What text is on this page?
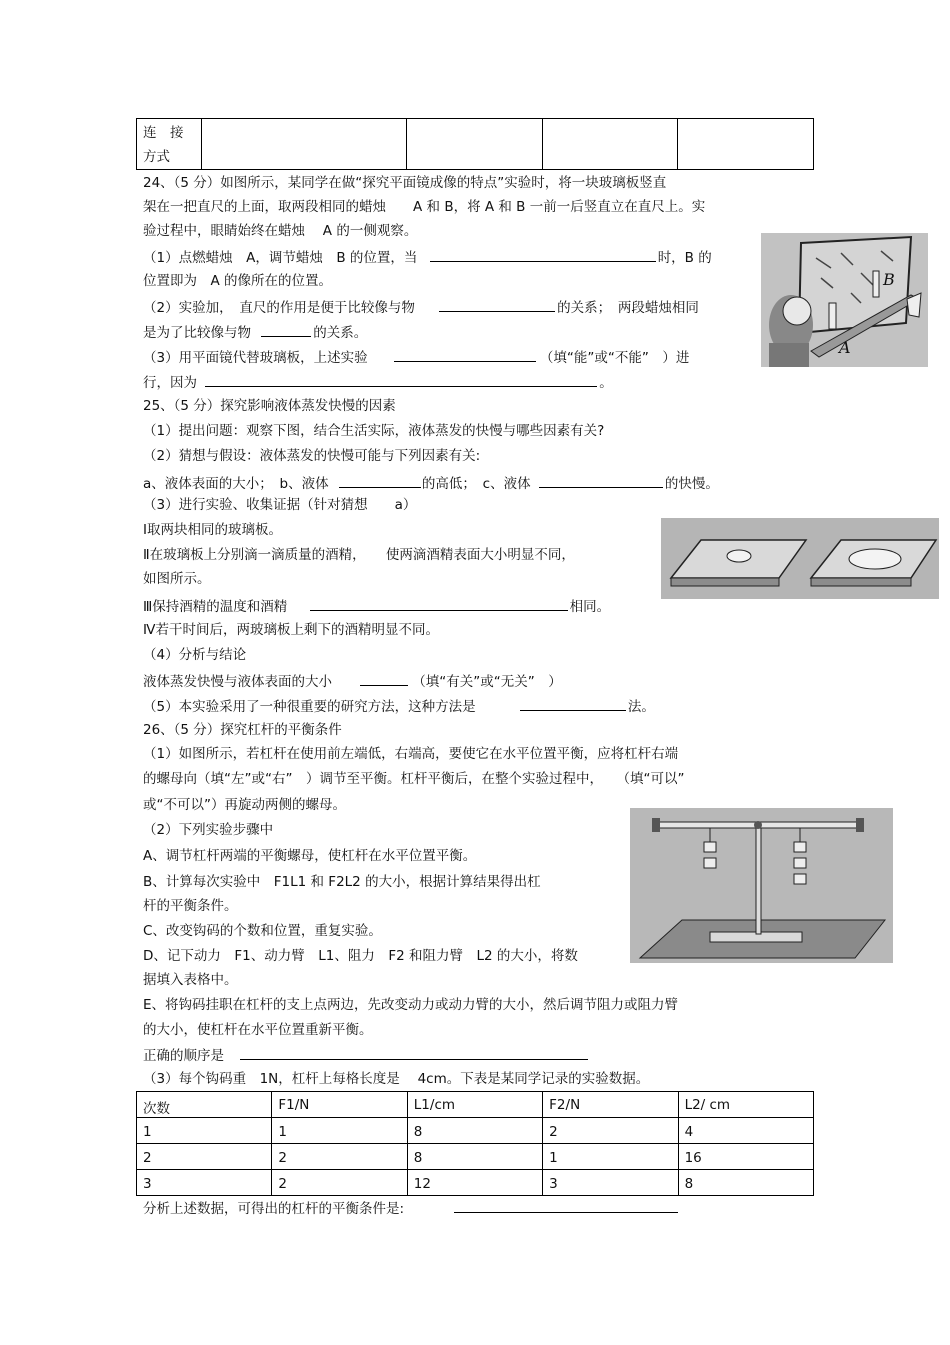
连　接
方式				
24、（5 分）如图所示，某同学在做“探究平面镜成像的特点”实验时，将一块玻璃板竖直
架在一把直尺的上面，取两段相同的蜡烛　　A 和 B，将 A 和 B 一前一后竖直立在直尺上。实
验过程中，眼睛始终在蜡烛　 A 的一侧观察。
（1）点燃蜡烛　A，调节蜡烛　B 的位置，当	时，B 的
位置即为　A 的像所在的位置。
（2）实验加，　直尺的作用是便于比较像与物	的关系；　两段蜡烛相同
是为了比较像与物	的关系。
（3）用平面镜代替玻璃板，上述实验	（填“能”或“不能”　）进
行，因为	。
B
A
25、（5 分）探究影响液体蒸发快慢的因素
（1）提出问题：观察下图，结合生活实际，液体蒸发的快慢与哪些因素有关?
（2）猜想与假设：液体蒸发的快慢可能与下列因素有关:
a、液体表面的大小；　b、液体	的高低；　c、液体	的快慢。
（3）进行实验、收集证据（针对猜想　　a）
Ⅰ取两块相同的玻璃板。
Ⅱ在玻璃板上分别滴一滴质量的酒精，　　使两滴酒精表面大小明显不同，
如图所示。
Ⅲ保持酒精的温度和酒精	相同。
Ⅳ若干时间后，两玻璃板上剩下的酒精明显不同。
（4）分析与结论
液体蒸发快慢与液体表面的大小	（填“有关”或“无关”　）
（5）本实验采用了一种很重要的研究方法，这种方法是	法。
26、（5 分）探究杠杆的平衡条件
（1）如图所示，若杠杆在使用前左端低，右端高，要使它在水平位置平衡，应将杠杆右端
的螺母向（填“左”或“右”　）调节至平衡。杠杆平衡后，在整个实验过程中，　　（填“可以”
或“不可以”）再旋动两侧的螺母。
（2）下列实验步骤中
A、调节杠杆两端的平衡螺母，使杠杆在水平位置平衡。
B、计算每次实验中　F1L1 和 F2L2 的大小，根据计算结果得出杠
杆的平衡条件。
C、改变钩码的个数和位置，重复实验。
D、记下动力　F1、动力臂　L1、阻力　F2 和阻力臂　L2 的大小，将数
据填入表格中。
E、将钩码挂职在杠杆的支上点两边，先改变动力或动力臂的大小，然后调节阻力或阻力臂
的大小，使杠杆在水平位置重新平衡。
正确的顺序是
（3）每个钩码重　1N，杠杆上每格长度是　 4cm。下表是某同学记录的实验数据。
次数	F1/N	L1/cm	F2/N	L2/ cm
1	1	8	2	4
2	2	8	1	16
3	2	12	3	8
分析上述数据，可得出的杠杆的平衡条件是:
